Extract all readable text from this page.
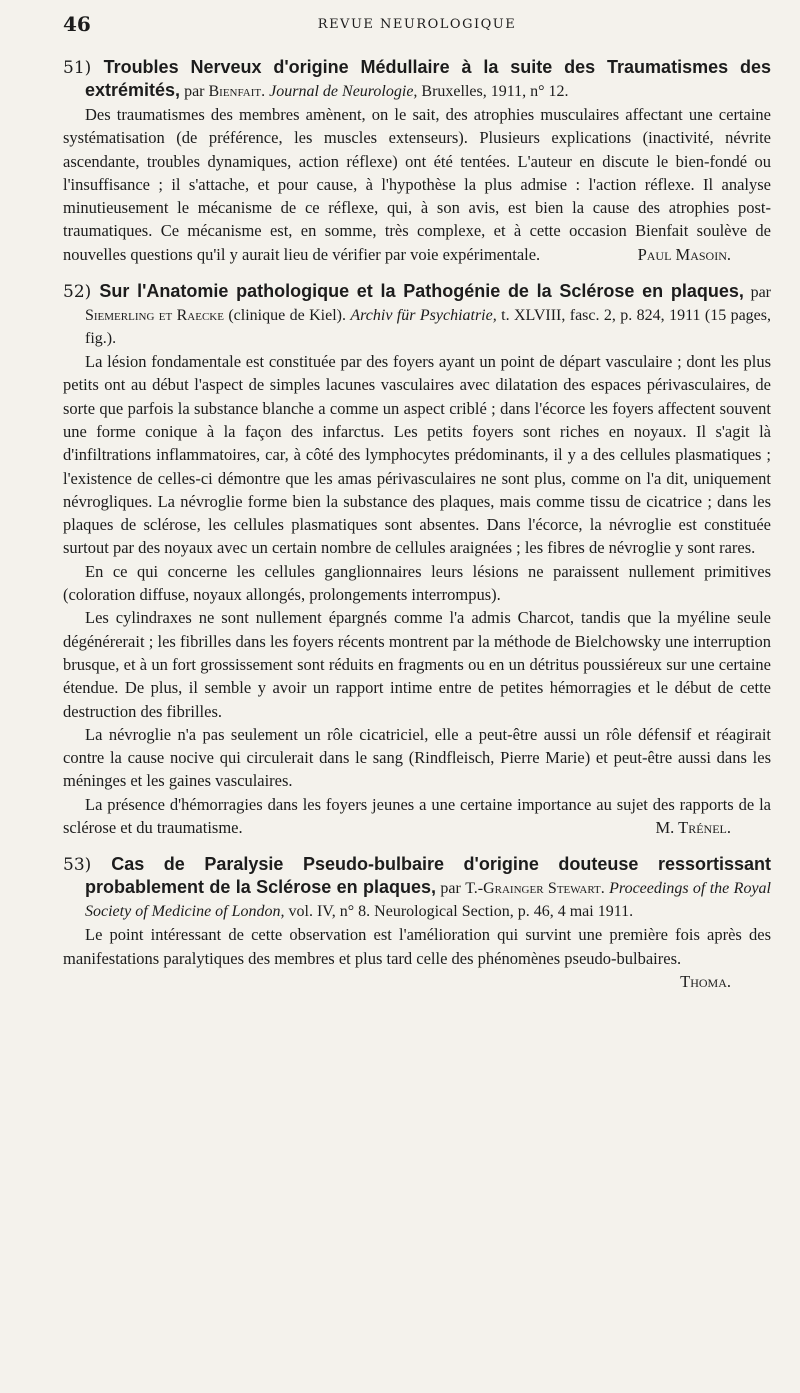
46	REVUE NEUROLOGIQUE

51) Troubles Nerveux d'origine Médullaire à la suite des Traumatismes des extrémités, par Bienfait. Journal de Neurologie, Bruxelles, 1911, n° 12.

Des traumatismes des membres amènent, on le sait, des atrophies musculaires affectant une certaine systématisation (de préférence, les muscles extenseurs). Plusieurs explications (inactivité, névrite ascendante, troubles dynamiques, action réflexe) ont été tentées. L'auteur en discute le bien-fondé ou l'insuffisance ; il s'attache, et pour cause, à l'hypothèse la plus admise : l'action réflexe. Il analyse minutieusement le mécanisme de ce réflexe, qui, à son avis, est bien la cause des atrophies post-traumatiques. Ce mécanisme est, en somme, très complexe, et à cette occasion Bienfait soulève de nouvelles questions qu'il y aurait lieu de vérifier par voie expérimentale.	Paul Masoin.

52) Sur l'Anatomie pathologique et la Pathogénie de la Sclérose en plaques, par Siemerling et Raecke (clinique de Kiel). Archiv für Psychiatrie, t. XLVIII, fasc. 2, p. 824, 1911 (15 pages, fig.).

La lésion fondamentale est constituée par des foyers ayant un point de départ vasculaire ; dont les plus petits ont au début l'aspect de simples lacunes vasculaires avec dilatation des espaces périvasculaires, de sorte que parfois la substance blanche a comme un aspect criblé ; dans l'écorce les foyers affectent souvent une forme conique à la façon des infarctus. Les petits foyers sont riches en noyaux. Il s'agit là d'infiltrations inflammatoires, car, à côté des lymphocytes prédominants, il y a des cellules plasmatiques ; l'existence de celles-ci démontre que les amas périvasculaires ne sont plus, comme on l'a dit, uniquement névrogliques. La névroglie forme bien la substance des plaques, mais comme tissu de cicatrice ; dans les plaques de sclérose, les cellules plasmatiques sont absentes. Dans l'écorce, la névroglie est constituée surtout par des noyaux avec un certain nombre de cellules araignées ; les fibres de névroglie y sont rares.

En ce qui concerne les cellules ganglionnaires leurs lésions ne paraissent nullement primitives (coloration diffuse, noyaux allongés, prolongements interrompus).

Les cylindraxes ne sont nullement épargnés comme l'a admis Charcot, tandis que la myéline seule dégénérerait ; les fibrilles dans les foyers récents montrent par la méthode de Bielchowsky une interruption brusque, et à un fort grossissement sont réduits en fragments ou en un détritus poussiéreux sur une certaine étendue. De plus, il semble y avoir un rapport intime entre de petites hémorragies et le début de cette destruction des fibrilles.

La névroglie n'a pas seulement un rôle cicatriciel, elle a peut-être aussi un rôle défensif et réagirait contre la cause nocive qui circulerait dans le sang (Rindfleisch, Pierre Marie) et peut-être aussi dans les méninges et les gaines vasculaires.

La présence d'hémorragies dans les foyers jeunes a une certaine importance au sujet des rapports de la sclérose et du traumatisme.	M. Trénel.

53) Cas de Paralysie Pseudo-bulbaire d'origine douteuse ressortissant probablement de la Sclérose en plaques, par T.-Grainger Stewart. Proceedings of the Royal Society of Medicine of London, vol. IV, n° 8. Neurological Section, p. 46, 4 mai 1911.

Le point intéressant de cette observation est l'amélioration qui survint une première fois après des manifestations paralytiques des membres et plus tard celle des phénomènes pseudo-bulbaires.
Thoma.
